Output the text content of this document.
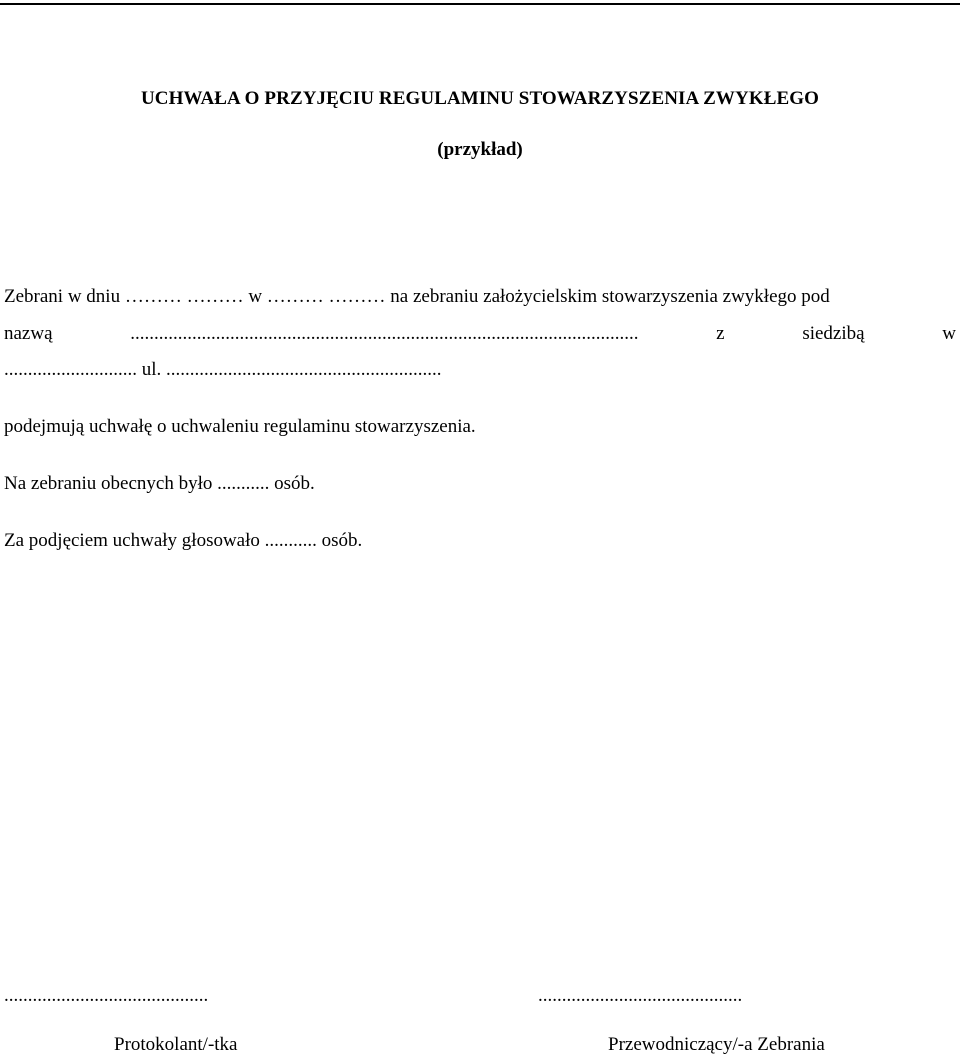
UCHWAŁA O PRZYJĘCIU REGULAMINU STOWARZYSZENIA ZWYKŁEGO
(przykład)
Zebrani w dniu ……… ……… w ……… ……… na zebraniu założycielskim stowarzyszenia zwykłego pod
nazwą ........................................................................................................... z siedzibą w
............................ ul. ..........................................................
podejmują uchwałę o uchwaleniu regulaminu stowarzyszenia.
Na zebraniu obecnych było ........... osób.
Za podjęciem uchwały głosowało ........... osób.
...........................................	...........................................
Protokolant/-tka	Przewodniczący/-a Zebrania
